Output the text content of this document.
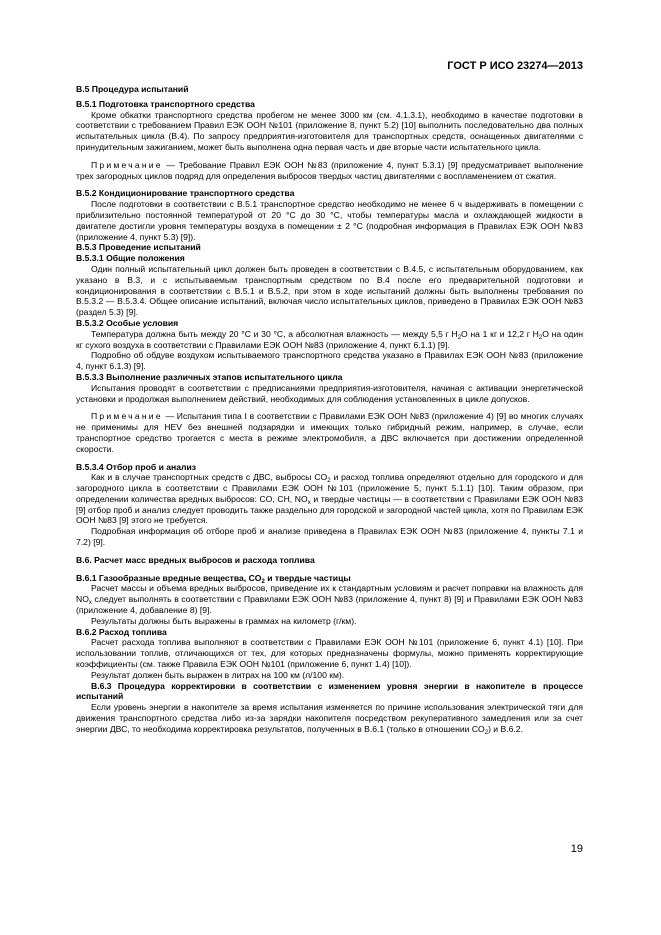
ГОСТ Р ИСО 23274—2013

B.5 Процедура испытаний

B.5.1 Подготовка транспортного средства

Кроме обкатки транспортного средства пробегом не менее 3000 км (см. 4.1.3.1), необходимо в качестве подготовки в соответствии с требованием Правил ЕЭК ООН №101 (приложение 8, пункт 5.2) [10] выполнить последовательно два полных испытательных цикла (B.4). По запросу предприятия-изготовителя для транспортных средств, оснащенных двигателями с принудительным зажиганием, может быть выполнена одна первая часть и две вторые части испытательного цикла.

Примечание — Требование Правил ЕЭК ООН №83 (приложение 4, пункт 5.3.1) [9] предусматривает выполнение трех загородных циклов подряд для определения выбросов твердых частиц двигателями с воспламенением от сжатия.

B.5.2 Кондиционирование транспортного средства

После подготовки в соответствии с B.5.1 транспортное средство необходимо не менее 6 ч выдерживать в помещении с приблизительно постоянной температурой от 20 °C до 30 °C, чтобы температуры масла и охлаждающей жидкости в двигателе достигли уровня температуры воздуха в помещении ± 2 °C (подробная информация в Правилах ЕЭК ООН №83 (приложение 4, пункт 5.3) [9]).

B.5.3 Проведение испытаний

B.5.3.1 Общие положения

Один полный испытательный цикл должен быть проведен в соответствии с B.4.5, с испытательным оборудованием, как указано в B.3, и с испытываемым транспортным средством по B.4 после его предварительной подготовки и кондиционирования в соответствии с B.5.1 и B.5.2, при этом в ходе испытаний должны быть выполнены требования по B.5.3.2 — B.5.3.4. Общее описание испытаний, включая число испытательных циклов, приведено в Правилах ЕЭК ООН №83 (раздел 5.3) [9].

B.5.3.2 Особые условия

Температура должна быть между 20 °C и 30 °C, а абсолютная влажность — между 5,5 г $H_2O$ на 1 кг и 12,2 г $H_2O$ на один кг сухого воздуха в соответствии с Правилами ЕЭК ООН №83 (приложение 4, пункт 6.1.1) [9].

Подробно об обдуве воздухом испытываемого транспортного средства указано в Правилах ЕЭК ООН №83 (приложение 4, пункт 6.1.3) [9].

B.5.3.3 Выполнение различных этапов испытательного цикла

Испытания проводят в соответствии с предписаниями предприятия-изготовителя, начиная с активации энергетической установки и продолжая выполнением действий, необходимых для соблюдения установленных в цикле допусков.

Примечание — Испытания типа I в соответствии с Правилами ЕЭК ООН №83 (приложение 4) [9] во многих случаях не применимы для HEV без внешней подзарядки и имеющих только гибридный режим, например, в случае, если транспортное средство трогается с места в режиме электромобиля, а ДВС включается при достижении определенной скорости.

B.5.3.4 Отбор проб и анализ

Как и в случае транспортных средств с ДВС, выбросы $CO_2$ и расход топлива определяют отдельно для городского и для загородного цикла в соответствии с Правилами ЕЭК ООН №101 (приложение 5, пункт 5.1.1) [10]. Таким образом, при определении количества вредных выбросов: CO, CH, $NO_x$ и твердые частицы — в соответствии с Правилами ЕЭК ООН №83 [9] отбор проб и анализ следует проводить также раздельно для городской и загородной частей цикла, хотя по Правилам ЕЭК ООН №83 [9] этого не требуется.

Подробная информация об отборе проб и анализе приведена в Правилах ЕЭК ООН №83 (приложение 4, пункты 7.1 и 7.2) [9].

B.6. Расчет масс вредных выбросов и расхода топлива

B.6.1 Газообразные вредные вещества, $CO_2$ и твердые частицы

Расчет массы и объема вредных выбросов, приведение их к стандартным условиям и расчет поправки на влажность для $NO_x$ следует выполнять в соответствии с Правилами ЕЭК ООН №83 (приложение 4, пункт 8) [9] и Правилами ЕЭК ООН №83 (приложение 4, добавление 8) [9].

Результаты должны быть выражены в граммах на километр (г/км).

B.6.2 Расход топлива

Расчет расхода топлива выполняют в соответствии с Правилами ЕЭК ООН №101 (приложение 6, пункт 4.1) [10]. При использовании топлив, отличающихся от тех, для которых предназначены формулы, можно применять корректирующие коэффициенты (см. также Правила ЕЭК ООН №101 (приложение 6, пункт 1.4) [10]).

Результат должен быть выражен в литрах на 100 км (л/100 км).

B.6.3 Процедура корректировки в соответствии с изменением уровня энергии в накопителе в процессе испытаний

Если уровень энергии в накопителе за время испытания изменяется по причине использования электрической тяги для движения транспортного средства либо из-за зарядки накопителя посредством рекуперативного замедления или за счет энергии ДВС, то необходима корректировка результатов, полученных в B.6.1 (только в отношении $CO_2$) и B.6.2.

19
